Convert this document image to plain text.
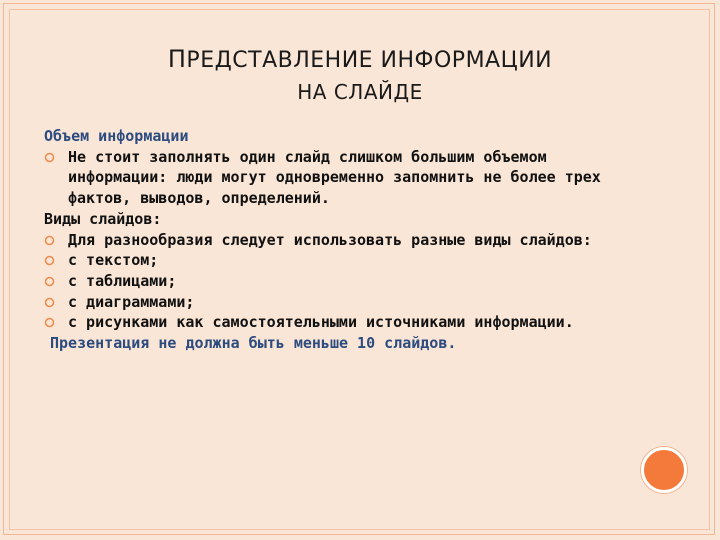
ПРЕДСТАВЛЕНИЕ ИНФОРМАЦИИ
НА СЛАЙДЕ
Объем информации
Не стоит заполнять один слайд слишком большим объемом информации: люди могут одновременно запомнить не более трех фактов, выводов, определений.
Виды слайдов:
Для разнообразия следует использовать разные виды слайдов:
с текстом;
с таблицами;
с диаграммами;
с рисунками как самостоятельными источниками информации.
Презентация не должна быть меньше 10 слайдов.
